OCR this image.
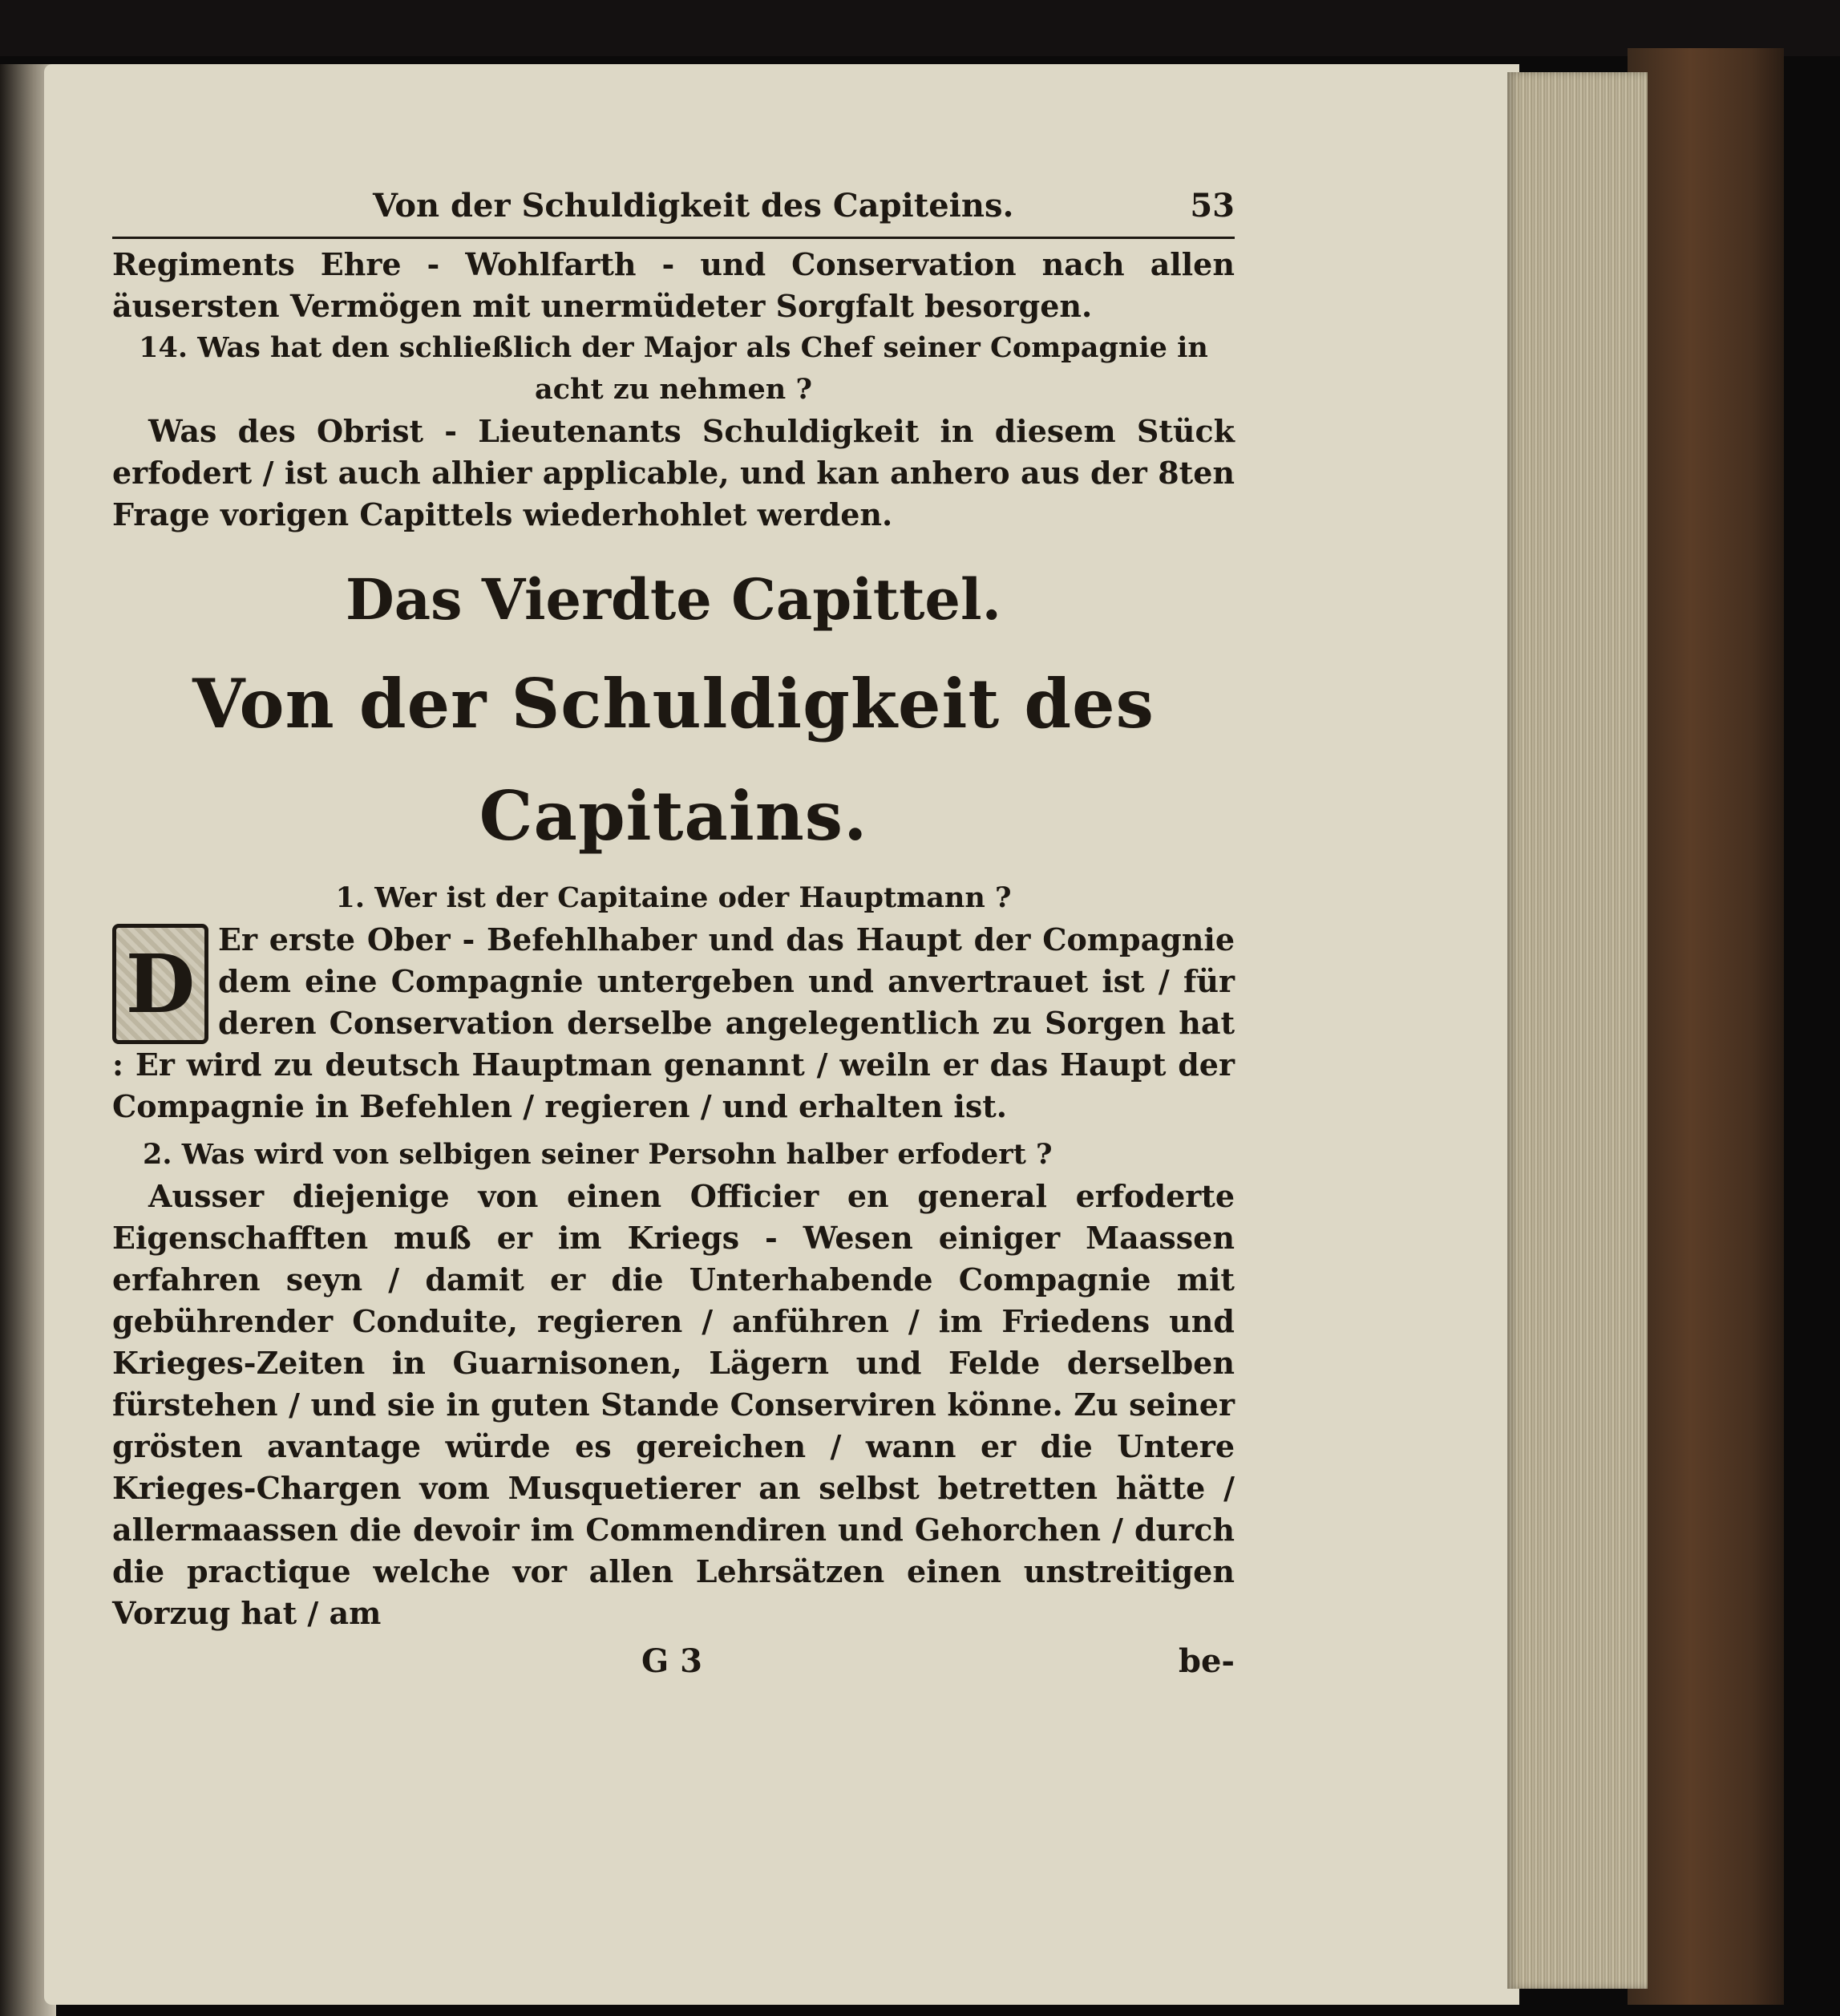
Von der Schuldigkeit des Capiteins.	53

Regiments Ehre - Wohlfarth - und Conservation nach allen äusersten Vermögen mit unermüdeter Sorgfalt besorgen.

14. Was hat den schließlich der Major als Chef seiner Compagnie in acht zu nehmen ?

Was des Obrist - Lieutenants Schuldigkeit in diesem Stück erfodert / ist auch alhier applicable, und kan anhero aus der 8ten Frage vorigen Capittels wiederhohlet werden.

Das Vierdte Capittel.
Von der Schuldigkeit des Capitains.

1. Wer ist der Capitaine oder Hauptmann ?

D Er erste Ober - Befehlhaber und das Haupt der Compagnie dem eine Compagnie untergeben und anvertrauet ist / für deren Conservation derselbe angelegentlich zu Sorgen hat : Er wird zu deutsch Hauptman genannt / weiln er das Haupt der Compagnie in Befehlen / regieren / und erhalten ist.

2. Was wird von selbigen seiner Persohn halber erfodert ?

Ausser diejenige von einen Officier en general erfoderte Eigenschafften muß er im Kriegs - Wesen einiger Maassen erfahren seyn / damit er die Unterhabende Compagnie mit gebührender Conduite, regieren / anführen / im Friedens und Krieges-Zeiten in Guarnisonen, Lägern und Felde derselben fürstehen / und sie in guten Stande Conserviren könne. Zu seiner grösten avantage würde es gereichen / wann er die Untere Krieges-Chargen vom Musquetierer an selbst betretten hätte / allermaassen die devoir im Commendiren und Gehorchen / durch die practique welche vor allen Lehrsätzen einen unstreitigen Vorzug hat / am

G 3	be-
